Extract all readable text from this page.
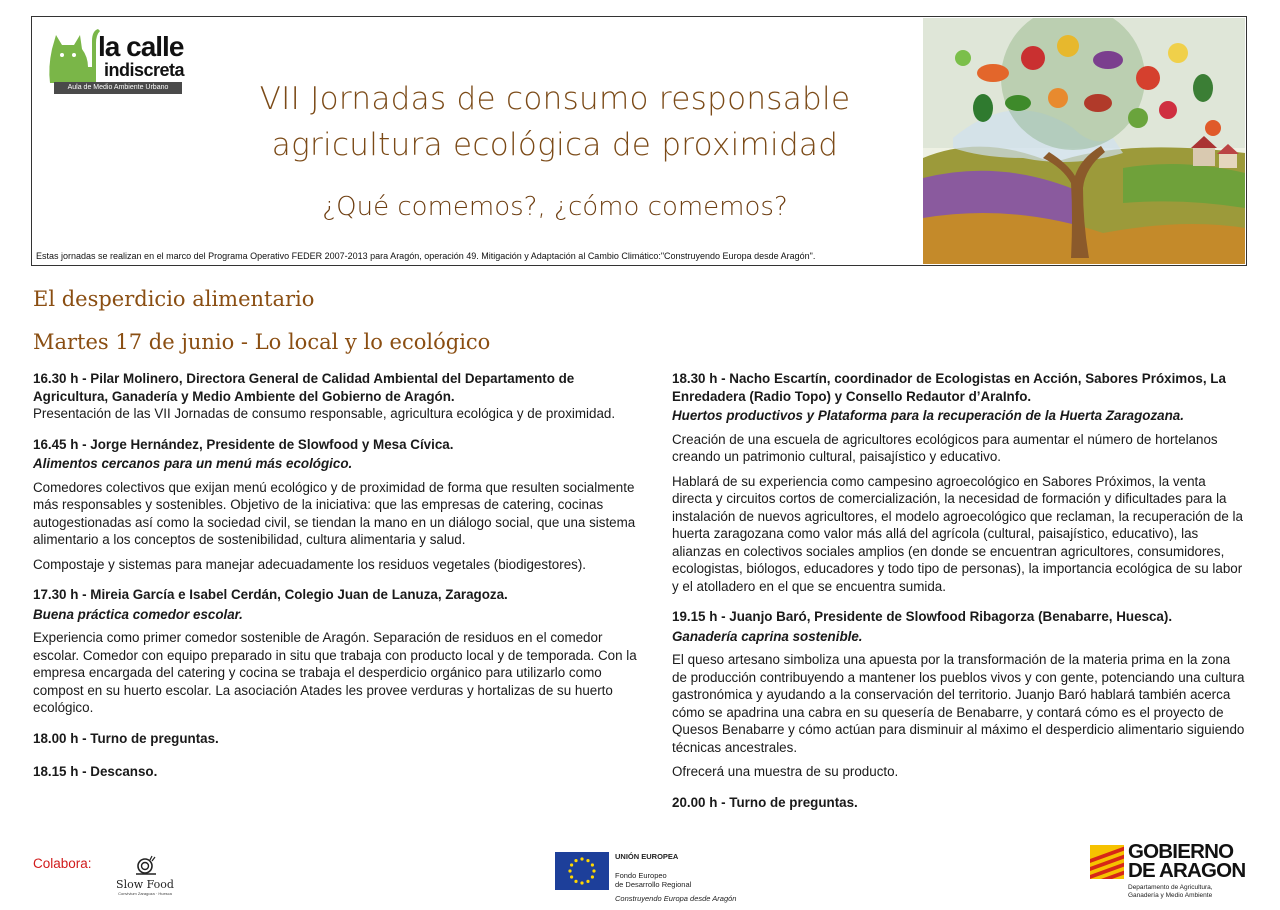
la calle
indiscreta
Aula de Medio Ambiente Urbano	VII Jornadas de consumo responsable
agricultura ecológica de proximidad
¿Qué comemos?, ¿cómo comemos?
Estas jornadas se realizan en el marco del Programa Operativo FEDER 2007-2013 para Aragón, operación 49. Mitigación y Adaptación al Cambio Climático:"Construyendo Europa desde Aragón".
El desperdicio alimentario
Martes 17 de junio - Lo local y lo ecológico

16.30 h - Pilar Molinero, Directora General de Calidad Ambiental del Departamento de Agricultura, Ganadería y Medio Ambiente del Gobierno de Aragón.

Presentación de las VII Jornadas de consumo responsable, agricultura ecológica y de proximidad.

16.45 h - Jorge Hernández, Presidente de Slowfood y Mesa Cívica.

Alimentos cercanos para un menú más ecológico.

Comedores colectivos que exijan menú ecológico y de proximidad de forma que resulten socialmente más responsables y sostenibles. Objetivo de la iniciativa: que las empresas de catering, cocinas autogestionadas así como la sociedad civil, se tiendan la mano en un diálogo social, que una sistema alimentario a los conceptos de sostenibilidad, cultura alimentaria y salud.

Compostaje y sistemas para manejar adecuadamente los residuos vegetales (biodigestores).

17.30 h - Mireia García e Isabel Cerdán, Colegio Juan de Lanuza, Zaragoza.

Buena práctica comedor escolar.

Experiencia como primer comedor sostenible de Aragón. Separación de residuos en el comedor escolar. Comedor con equipo preparado in situ que trabaja con producto local y de temporada. Con la empresa encargada del catering y cocina se trabaja el desperdicio orgánico para utilizarlo como compost en su huerto escolar. La asociación Atades les provee verduras y hortalizas de su huerto ecológico.

18.00 h - Turno de preguntas.

18.15 h - Descanso.

18.30 h - Nacho Escartín, coordinador de Ecologistas en Acción, Sabores Próximos, La Enredadera (Radio Topo) y Consello Redautor d’AraInfo.

Huertos productivos y Plataforma para la recuperación de la Huerta Zaragozana.

Creación de una escuela de agricultores ecológicos para aumentar el número de hortelanos creando un patrimonio cultural, paisajístico y educativo.

Hablará de su experiencia como campesino agroecológico en Sabores Próximos, la venta directa y circuitos cortos de comercialización, la necesidad de formación y dificultades para la instalación de nuevos agricultores, el modelo agroecológico que reclaman, la recuperación de la huerta zaragozana como valor más allá del agrícola (cultural, paisajístico, educativo), las alianzas en colectivos sociales amplios (en donde se encuentran agricultores, consumidores, ecologistas, biólogos, educadores y todo tipo de personas), la importancia ecológica de su labor y el atolladero en el que se encuentra sumida.

19.15 h - Juanjo Baró, Presidente de Slowfood Ribagorza (Benabarre, Huesca).

Ganadería caprina sostenible.

El queso artesano simboliza una apuesta por la transformación de la materia prima en la zona de producción contribuyendo a mantener los pueblos vivos y con gente, potenciando una cultura gastronómica y ayudando a la conservación del territorio. Juanjo Baró hablará también acerca cómo se apadrina una cabra en su quesería de Benabarre, y contará cómo es el proyecto de Quesos Benabarre y cómo actúan para disminuir al máximo el desperdicio alimentario siguiendo técnicas ancestrales.

Ofrecerá una muestra de su producto.

20.00 h - Turno de preguntas.

Colabora:
Slow Food
Convivium Zaragoza · Huesca
UNIÓN EUROPEA
Fondo Europeo
de Desarrollo Regional
Construyendo Europa desde Aragón
GOBIERNO
DE ARAGON
Departamento de Agricultura,
Ganadería y Medio Ambiente
